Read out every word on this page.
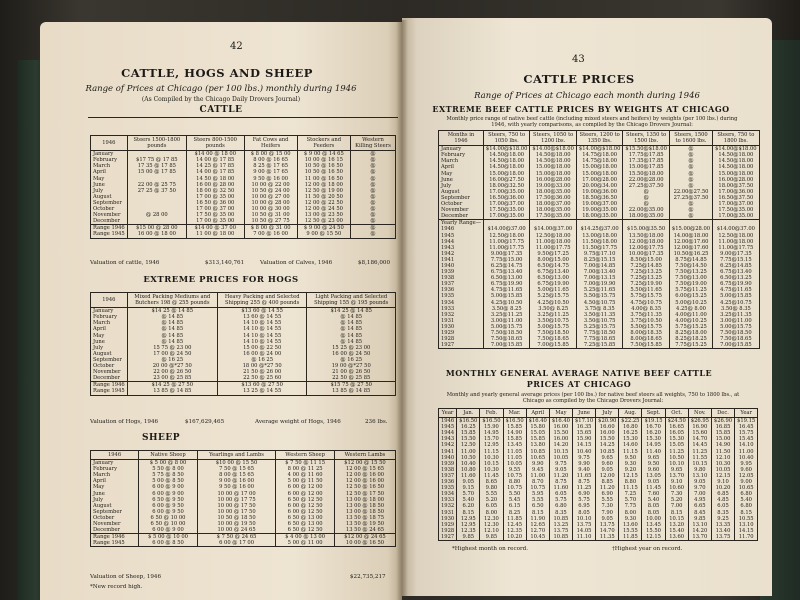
42
CATTLE, HOGS AND SHEEP
Range of Prices at Chicago (per 100 lbs.) monthly during 1946
(As Compiled by the Chicago Daily Drovers Journal)
CATTLE
1946	Steers 1500-1800 pounds	Steers 800-1500 pounds	Fat Cows and Heifers	Stockers and Feeders	Western Killing Steers
January		$14 00 @ 18 00	$ 8 00 @ 15 00	$ 9 00 @ 14 65	@
February	$17 75 @ 17 85	14 00 @ 17 85	8 00 @ 16 65	10 00 @ 16 15	@
March	17 35 @ 17 85	14 25 @ 17 85	8 25 @ 17 65	10 50 @ 16 50	@
April	15 00 @ 17 85	14 00 @ 17 85	9 00 @ 17 65	10 50 @ 16 50	@
May		14 50 @ 18 00	9 50 @ 16 00	11 00 @ 16 50	@
June	22 00 @ 25 75	16 00 @ 28 00	10 00 @ 22 00	12 00 @ 18 00	@
July	27 25 @ 37 50	18 00 @ 32 50	10 50 @ 24 00	12 50 @ 19 00	@
August		17 00 @ 35 00	10 00 @ 27 00	11 50 @ 20 50	@
September		16 50 @ 36 00	10 00 @ 28 00	12 00 @ 22 50	@
October		17 00 @ 37 00	10 00 @ 30 00	12 00 @ 24 50	@
November	@ 28 00	17 50 @ 35 00	10 50 @ 31 00	13 00 @ 23 50	@
December		17 00 @ 35 00	10 50 @ 27 75	12 50 @ 23 00	@
Range 1946	$15 00 @ 28 00	$14 00 @ 37 00	$ 8 00 @ 31 00	$ 9 00 @ 24 50	@
Range 1945	16 00 @ 18 00	11 00 @ 18 00	7 00 @ 16 00	9 00 @ 15 50	@
Valuation of cattle, 1946	$313,140,761	Valuation of Calves, 1946	$8,186,000
EXTREME PRICES FOR HOGS
1946	Mixed Packing Mediums and Butchers 198 @ 255 pounds	Heavy Packing and Selected Shipping 255 @ 400 pounds	Light Packing and Selected Shipping 155 @ 195 pounds
January	$14 25 @ 14 85	$13 60 @ 14 55	$14 25 @ 14 85
February	@ 14 85	13 60 @ 14 55	@ 14 85
March	@ 14 85	14 10 @ 14 55	@ 14 85
April	@ 14 85	14 10 @ 14 55	@ 14 85
May	@ 14 85	14 10 @ 14 55	@ 14 85
June	@ 14 85	14 10 @ 14 55	@ 14 85
July	15 75 @ 23 00	15 00 @ 22 50	15 25 @ 23 00
August	17 00 @ 24 50	16 00 @ 24 00	16 00 @ 24 50
September	@ 16 25	@ 16 25	@ 16 25
October	20 00 @*27 50	18 00 @*27 50	19 00 @*27 50
November	22 00 @ 26 50	21 50 @ 26 00	21 00 @ 26 50
December	23 00 @ 25 85	22 50 @ 25 60	22 50 @ 25 85
Range 1946	$14 25 @ 27 50	$13 60 @ 27 50	$15 75 @ 27 50
Range 1945	13 85 @ 14 85	13 25 @ 14 55	13 85 @ 14 85
Valuation of Hogs, 1946	$167,629,465	Average weight of Hogs, 1946	236 lbs.
SHEEP
1946	Native Sheep	Yearlings and Lambs	Western Sheep	Western Lambs
January	$ 5 00 @ 8 00	$10 00 @ 15 50	$ 7 50 @ 11 15	$12 00 @ 15 50
February	5 50 @ 8 00	7 50 @ 15 65	8 00 @ 11 25	12 00 @ 15 65
March	5 75 @ 8 50	8 00 @ 15 65	4 00 @ 11 60	12 00 @ 16 00
April	5 00 @ 8 50	9 00 @ 16 00	5 00 @ 11 50	12 00 @ 16 00
May	6 00 @ 9 00	9 50 @ 16 00	6 00 @ 12 00	12 50 @ 16 50
June	6 00 @ 9 00	10 00 @ 17 00	6 00 @ 12 00	12 50 @ 17 50
July	6 50 @ 9 50	10 00 @ 17 75	6 50 @ 12 50	13 00 @ 18 00
August	6 00 @ 9 50	10 00 @ 17 50	6 00 @ 12 50	13 00 @ 18 50
September	6 00 @ 9 50	10 00 @ 17 50	6 00 @ 12 50	13 00 @ 18 50
October	6 50 @ 10 00	10 50 @ 18 50	6 50 @ 13 00	13 50 @ 18 75
November	6 50 @ 10 00	10 00 @ 19 50	6 50 @ 13 00	13 50 @ 19 50
December	6 00 @ 9 00	10 00 @ 24 65	6 50 @ 12 50	13 50 @ 24 65
Range 1946	$ 5 00 @ 10 00	$ 7 50 @ 24 65	$ 4 00 @ 13 00	$12 00 @ 24 65
Range 1945	6 00 @ 8 50	6 00 @ 17 00	5 00 @ 11 00	10 00 @ 16 50
Valuation of Sheep, 1946	$22,735,217
*New record high.
43
CATTLE PRICES
Range of Prices at Chicago each month during 1946
EXTREME BEEF CATTLE PRICES BY WEIGHTS AT CHICAGO
Monthly price range of native beef cattle (including mixed steers and heifers) by weights (per 100 lbs.) during 1946, with yearly comparisons, as compiled by the Chicago Drovers Journal:
Months in 1946	Steers, 750 to 1050 lbs.	Steers, 1050 to 1200 lbs.	Steers, 1200 to 1350 lbs.	Steers, 1350 to 1500 lbs.	Steers, 1500 to 1600 lbs.	Steers, 750 to 1800 lbs.
January	$14.00@$18.00	$14.00@$18.00	$14.00@$18.00	$15.50@$18.00	@	$14.00@$18.00
February	14.50@18.00	14.50@18.00	14.75@18.00	17.75@17.85	@	14.50@18.00
March	14.50@18.00	14.50@18.00	14.75@18.00	17.35@17.85	@	14.50@18.00
April	14.50@18.00	15.00@18.00	15.00@18.00	15.00@17.85	@	14.50@18.00
May	15.00@18.00	15.00@18.00	15.00@18.00	15.50@18.00	@	15.00@18.00
June	16.00@27.50	16.00@28.00	17.00@28.00	22.00@28.00	@	16.00@28.00
July	18.00@32.50	19.00@33.00	20.00@34.00	27.25@37.50	@	18.00@37.50
August	17.00@35.00	18.00@35.00	19.00@36.00	@	22.00@27.50	17.00@36.00
September	16.50@36.00	17.50@36.00	18.50@36.50	@	27.25@37.50	16.50@37.50
October	17.00@37.00	18.00@37.00	19.00@37.00	@	@	17.00@37.00
November	17.50@35.00	18.00@35.00	19.00@35.00	22.00@35.00	@	17.50@35.00
December	17.00@35.00	17.50@35.00	18.00@35.00	18.00@35.00	@	17.00@35.00
Yearly Range—						
1946	$14.00@37.00	$14.00@37.00	$14.25@37.00	$15.00@35.50	$15.00@28.00	$14.00@37.00
1945	12.50@18.00	12.50@18.00	13.00@18.00	13.50@18.00	14.00@18.00	12.50@18.00
1944	11.00@17.75	11.00@18.00	11.50@18.00	12.00@18.00	12.00@17.60	11.00@18.00
1943	11.00@17.75	11.00@17.75	11.50@17.75	12.00@17.75	12.00@17.60	11.00@17.75
1942	9.00@17.35	9.50@17.25	9.75@17.10	10.00@17.35	10.50@16.25	9.00@17.35
1941	7.75@15.00	8.00@15.00	8.25@15.15	8.50@15.00	8.75@14.85	7.75@15.15
1940	6.25@14.75	6.50@14.75	7.00@14.85	7.25@14.85	7.50@14.50	6.25@14.85
1939	6.75@13.40	6.75@13.40	7.00@13.40	7.25@13.25	7.50@13.25	6.75@13.40
1938	6.50@13.00	6.50@13.00	7.00@13.15	7.25@13.25	7.50@13.00	6.50@13.25
1937	6.75@19.90	6.75@19.90	7.00@19.90	7.25@19.90	7.50@19.00	6.75@19.90
1936	4.75@11.65	5.00@11.65	5.25@11.65	5.50@11.65	5.75@11.25	4.75@11.65
1935	5.00@15.85	5.25@15.75	5.50@15.75	5.75@15.75	6.00@15.25	5.00@15.85
1934	4.25@10.50	4.25@10.50	4.50@10.75	4.75@10.75	5.00@10.25	4.25@10.75
1933	3.50@ 8.25	3.50@ 8.25	3.75@ 8.35	4.00@ 8.35	4.25@ 8.00	3.50@ 8.35
1932	3.25@11.25	3.25@11.25	3.50@11.35	3.75@11.35	4.00@11.00	3.25@11.35
1931	3.00@11.00	3.50@10.75	3.50@10.75	3.75@10.50	4.00@10.25	3.00@11.00
1930	5.00@15.75	5.00@15.75	5.25@15.75	5.50@15.75	5.75@15.25	5.00@15.75
1929	7.50@18.50	7.50@18.50	7.75@18.50	8.00@18.35	8.25@18.00	7.50@18.50
1928	7.50@18.65	7.50@18.65	7.75@18.65	8.00@18.65	8.25@18.25	7.50@18.65
1927	7.00@15.85	7.00@15.85	7.25@15.85	7.50@15.85	7.75@15.25	7.00@15.85
MONTHLY GENERAL AVERAGE NATIVE BEEF CATTLE
PRICES AT CHICAGO
Monthly and yearly general average prices (per 100 lbs.) for native beef steers all weights, 750 to 1800 lbs., at Chicago as compiled by the Chicago Drovers Journal:
Year	Jan.	Feb.	Mar.	April	May	June	July	Aug.	Sept.	Oct.	Nov.	Dec.	Year
1946	$16.50	$16.50	$16.50	$16.40	$16.40	$17.10	$20.90	$22.25	$19.15	$24.50	$26.95	$26.90	$19.15
1945	16.25	15.90	15.85	15.80	16.00	16.35	16.60	16.80	16.70	16.65	16.90	16.85	16.45
1944	15.85	14.95	14.90	15.05	15.50	15.65	16.00	16.25	16.20	16.05	15.60	15.85	15.75
1943	15.50	15.70	15.85	15.85	16.00	15.90	15.50	15.30	15.30	15.30	14.70	15.00	15.45
1942	12.50	12.95	13.45	13.80	14.20	14.15	14.25	14.60	14.95	15.05	14.45	14.90	14.10
1941	11.00	11.15	11.05	10.85	10.15	10.40	10.85	11.15	11.40	11.25	11.25	11.50	11.00
1940	10.50	10.30	11.05	10.65	10.05	9.75	9.65	9.50	9.65	10.50	11.55	12.10	10.40
1939	10.40	10.15	10.05	9.90	9.75	9.90	9.60	9.30	9.50	10.10	10.15	10.30	9.95
1938	10.80	10.30	9.55	9.45	9.05	9.40	9.05	9.20	9.60	9.65	9.80	10.05	9.60
1937	11.60	11.45	10.75	11.00	11.20	11.65	12.00	12.15	13.05	13.70	13.10	12.15	12.05
1936	9.05	8.65	8.80	8.70	8.75	8.75	8.85	8.80	9.05	9.10	9.05	9.10	9.00
1935	9.15	9.80	10.75	10.75	11.60	11.25	11.20	11.15	11.45	10.60	9.70	10.20	10.65
1934	5.70	5.55	5.50	5.95	6.05	6.90	6.90	7.25	7.60	7.30	7.00	6.85	6.80
1933	5.40	5.20	5.45	5.55	5.75	5.75	5.55	5.70	5.40	5.20	4.95	4.85	5.40
1932	6.20	6.05	6.15	6.50	6.80	6.95	7.30	7.75	8.05	7.00	6.65	6.05	6.80
1931	8.15	8.00	8.25	8.15	8.35	8.05	7.90	8.00	8.05	8.15	8.45	8.35	8.15
1930	12.95	12.30	11.85	11.90	10.85	10.10	9.05	9.30	10.00	10.15	9.85	9.25	10.55
1929	12.95	12.30	12.45	12.65	13.25	13.75	13.75	13.60	13.45	13.20	13.10	13.35	13.10
1928	12.35	12.10	12.35	12.70	13.75	14.05	14.70	15.55	15.50	15.40	14.20	13.40	14.15
1927	9.85	9.85	10.20	10.45	10.85	11.10	11.35	11.85	12.15	13.60	13.70	13.75	11.70
*Highest month on record.	†Highest year on record.
